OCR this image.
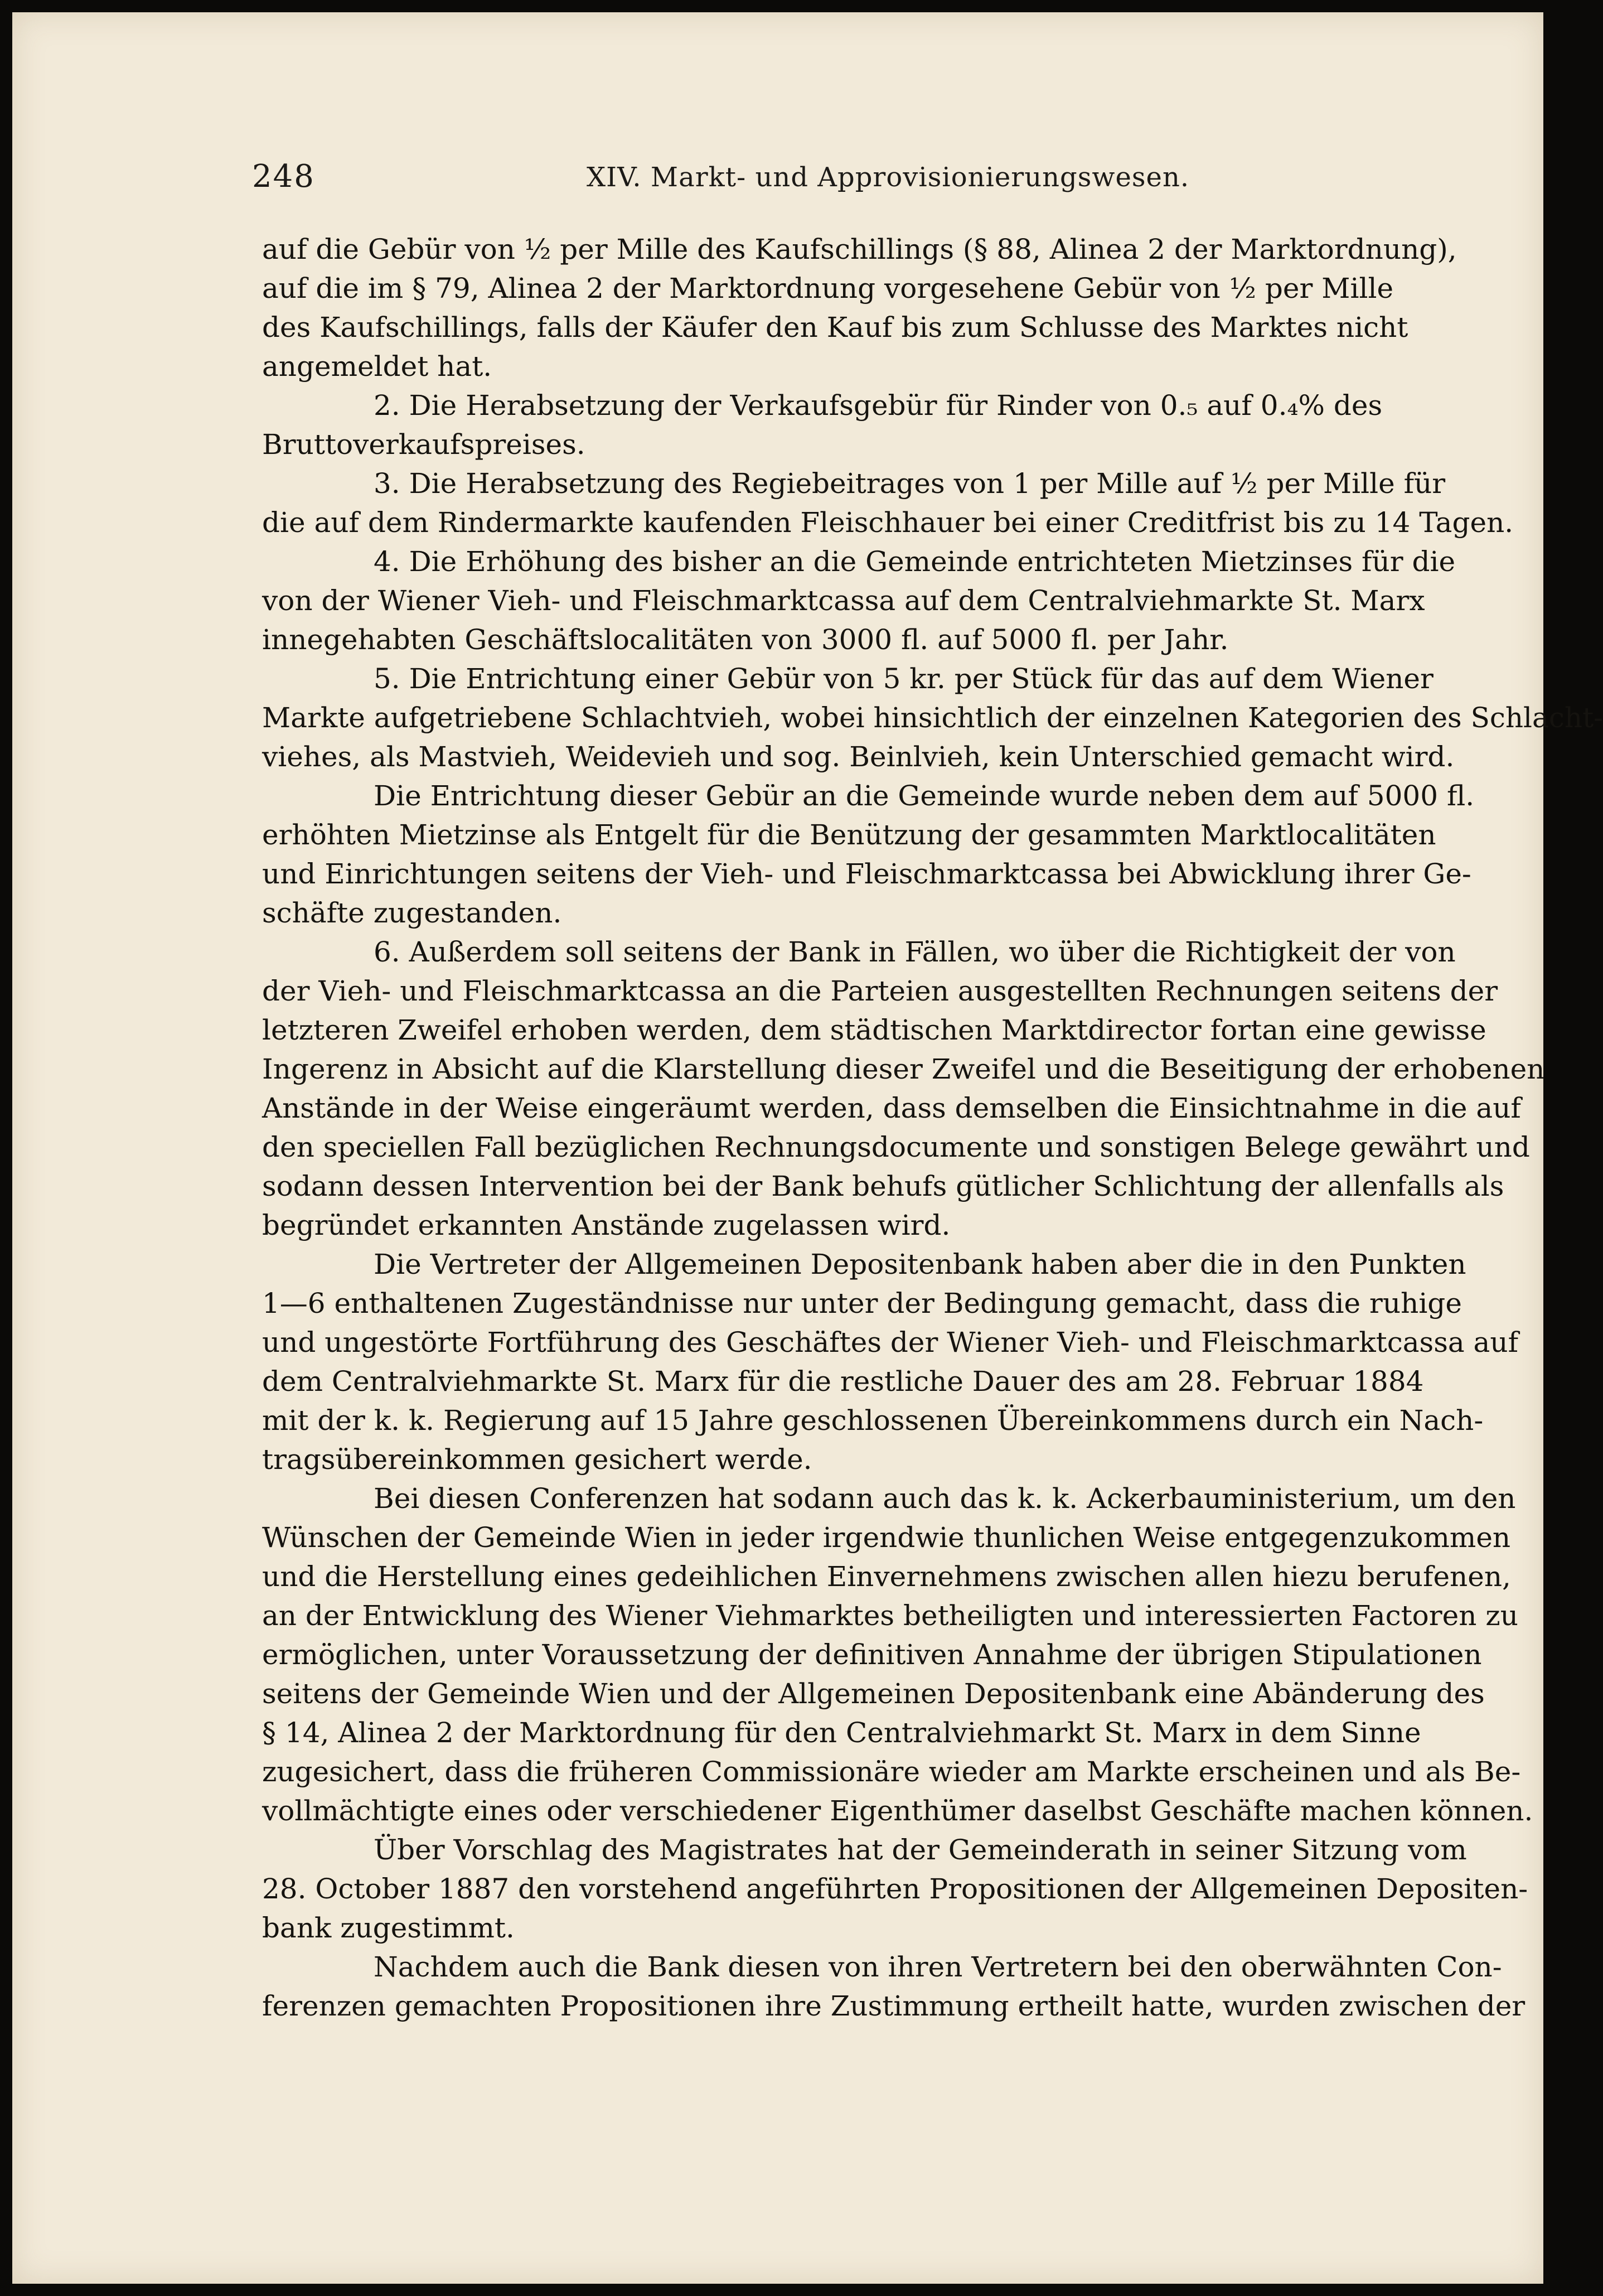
248	XIV. Markt- und Approvisionierungswesen.
auf die Gebür von ½ per Mille des Kaufschillings (§ 88, Alinea 2 der Marktordnung),
auf die im § 79, Alinea 2 der Marktordnung vorgesehene Gebür von ½ per Mille
des Kaufschillings, falls der Käufer den Kauf bis zum Schlusse des Marktes nicht
angemeldet hat.
2. Die Herabsetzung der Verkaufsgebür für Rinder von 0.₅ auf 0.₄% des
Bruttoverkaufspreises.
3. Die Herabsetzung des Regiebeitrages von 1 per Mille auf ½ per Mille für
die auf dem Rindermarkte kaufenden Fleischhauer bei einer Creditfrist bis zu 14 Tagen.
4. Die Erhöhung des bisher an die Gemeinde entrichteten Mietzinses für die
von der Wiener Vieh- und Fleischmarktcassa auf dem Centralviehmarkte St. Marx
innegehabten Geschäftslocalitäten von 3000 fl. auf 5000 fl. per Jahr.
5. Die Entrichtung einer Gebür von 5 kr. per Stück für das auf dem Wiener
Markte aufgetriebene Schlachtvieh, wobei hinsichtlich der einzelnen Kategorien des Schlacht-
viehes, als Mastvieh, Weidevieh und sog. Beinlvieh, kein Unterschied gemacht wird.
Die Entrichtung dieser Gebür an die Gemeinde wurde neben dem auf 5000 fl.
erhöhten Mietzinse als Entgelt für die Benützung der gesammten Marktlocalitäten
und Einrichtungen seitens der Vieh- und Fleischmarktcassa bei Abwicklung ihrer Ge-
schäfte zugestanden.
6. Außerdem soll seitens der Bank in Fällen, wo über die Richtigkeit der von
der Vieh- und Fleischmarktcassa an die Parteien ausgestellten Rechnungen seitens der
letzteren Zweifel erhoben werden, dem städtischen Marktdirector fortan eine gewisse
Ingerenz in Absicht auf die Klarstellung dieser Zweifel und die Beseitigung der erhobenen
Anstände in der Weise eingeräumt werden, dass demselben die Einsichtnahme in die auf
den speciellen Fall bezüglichen Rechnungsdocumente und sonstigen Belege gewährt und
sodann dessen Intervention bei der Bank behufs gütlicher Schlichtung der allenfalls als
begründet erkannten Anstände zugelassen wird.
Die Vertreter der Allgemeinen Depositenbank haben aber die in den Punkten
1—6 enthaltenen Zugeständnisse nur unter der Bedingung gemacht, dass die ruhige
und ungestörte Fortführung des Geschäftes der Wiener Vieh- und Fleischmarktcassa auf
dem Centralviehmarkte St. Marx für die restliche Dauer des am 28. Februar 1884
mit der k. k. Regierung auf 15 Jahre geschlossenen Übereinkommens durch ein Nach-
tragsübereinkommen gesichert werde.
Bei diesen Conferenzen hat sodann auch das k. k. Ackerbauministerium, um den
Wünschen der Gemeinde Wien in jeder irgendwie thunlichen Weise entgegenzukommen
und die Herstellung eines gedeihlichen Einvernehmens zwischen allen hiezu berufenen,
an der Entwicklung des Wiener Viehmarktes betheiligten und interessierten Factoren zu
ermöglichen, unter Voraussetzung der definitiven Annahme der übrigen Stipulationen
seitens der Gemeinde Wien und der Allgemeinen Depositenbank eine Abänderung des
§ 14, Alinea 2 der Marktordnung für den Centralviehmarkt St. Marx in dem Sinne
zugesichert, dass die früheren Commissionäre wieder am Markte erscheinen und als Be-
vollmächtigte eines oder verschiedener Eigenthümer daselbst Geschäfte machen können.
Über Vorschlag des Magistrates hat der Gemeinderath in seiner Sitzung vom
28. October 1887 den vorstehend angeführten Propositionen der Allgemeinen Depositen-
bank zugestimmt.
Nachdem auch die Bank diesen von ihren Vertretern bei den oberwähnten Con-
ferenzen gemachten Propositionen ihre Zustimmung ertheilt hatte, wurden zwischen der
